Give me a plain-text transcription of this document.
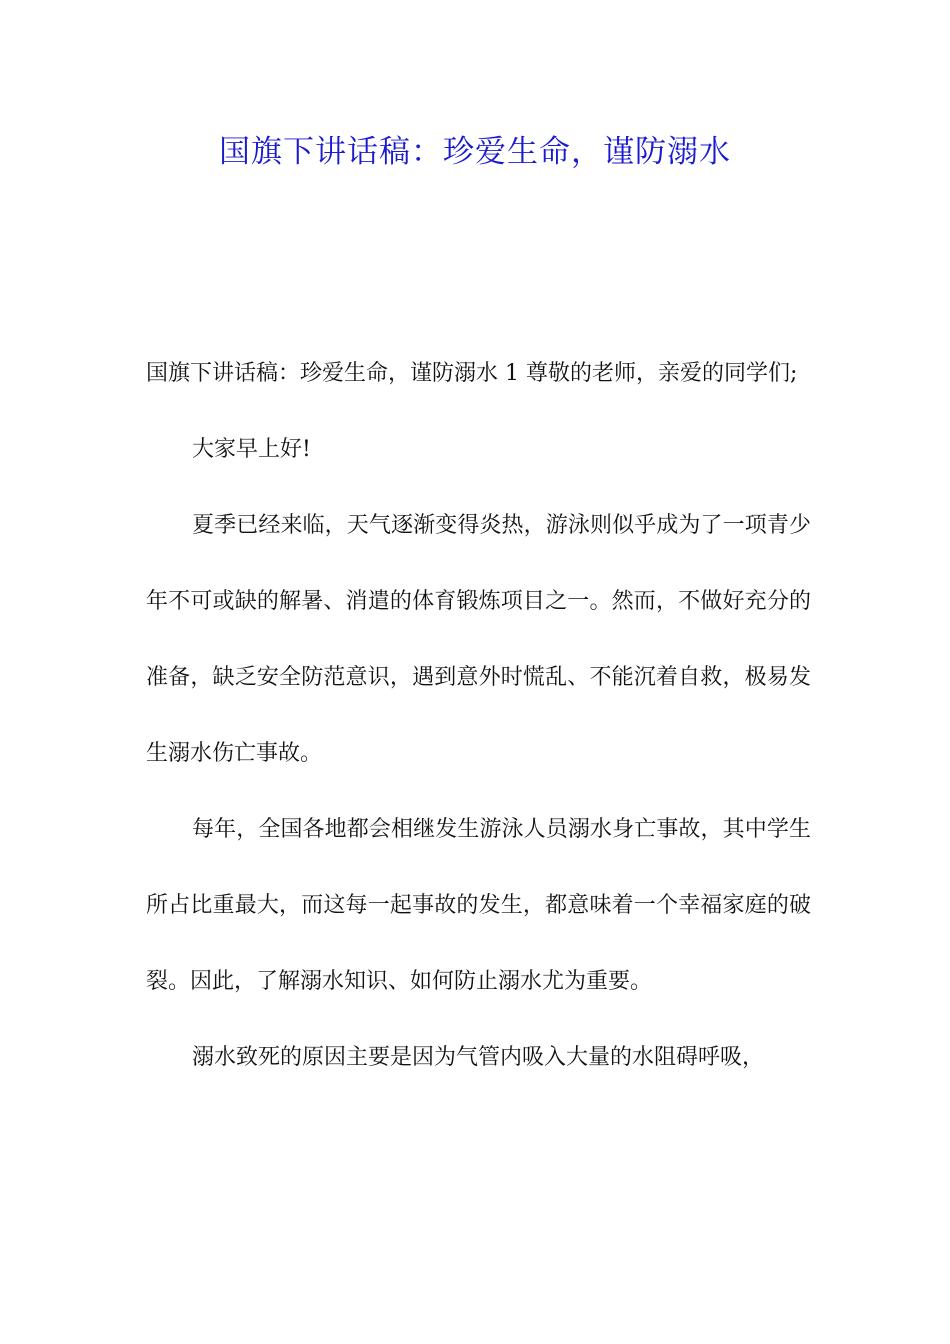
国旗下讲话稿：珍爱生命，谨防溺水

国旗下讲话稿：珍爱生命，谨防溺水 1 尊敬的老师，亲爱的同学们;

大家早上好!

夏季已经来临，天气逐渐变得炎热，游泳则似乎成为了一项青少年不可或缺的解暑、消遣的体育锻炼项目之一。然而，不做好充分的准备，缺乏安全防范意识，遇到意外时慌乱、不能沉着自救，极易发生溺水伤亡事故。

每年，全国各地都会相继发生游泳人员溺水身亡事故，其中学生所占比重最大，而这每一起事故的发生，都意味着一个幸福家庭的破裂。因此，了解溺水知识、如何防止溺水尤为重要。

溺水致死的原因主要是因为气管内吸入大量的水阻碍呼吸，
